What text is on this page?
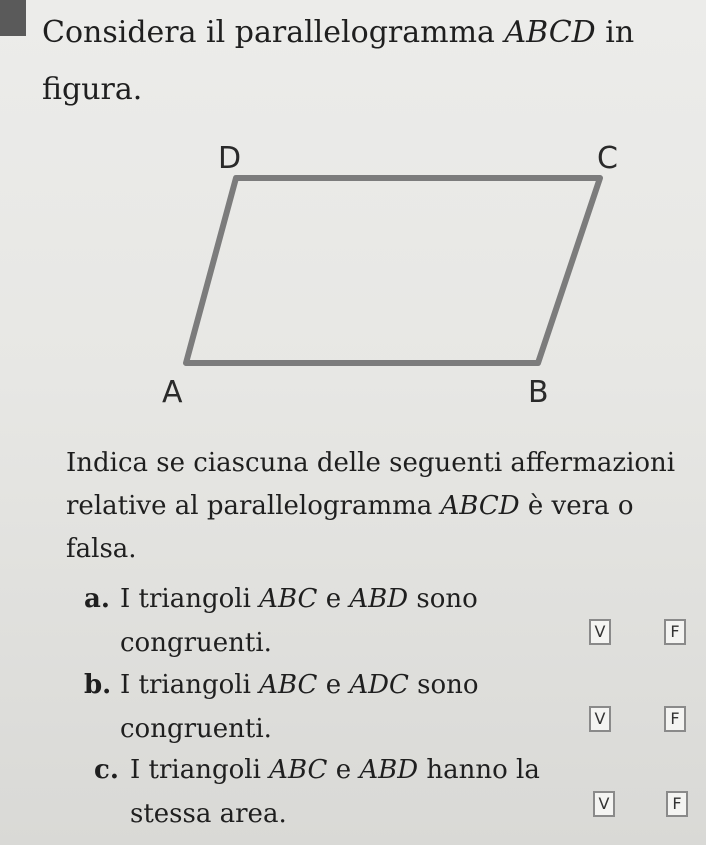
Considera il parallelogramma ABCD in figura.

D	C
A	B

Indica se ciascuna delle seguenti affermazioni relative al parallelogramma ABCD è vera o falsa.

a. I triangoli ABC e ABD sono
congruenti.	V	F
b. I triangoli ABC e ADC sono
congruenti.	V	F
c. I triangoli ABC e ABD hanno la
stessa area.	V	F
